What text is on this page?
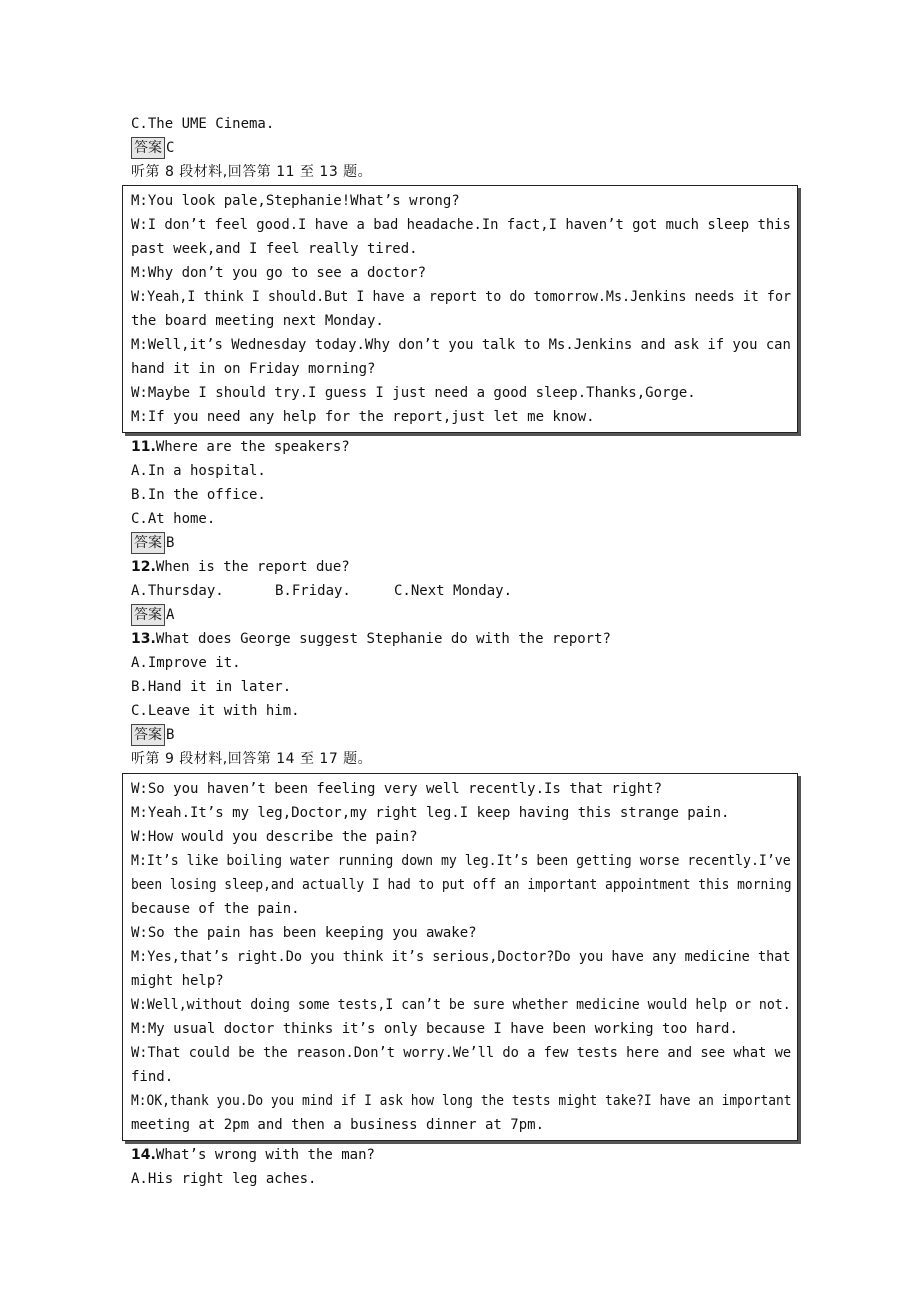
C.The UME Cinema.
答案 C
听第 8 段材料,回答第 11 至 13 题。
M:You look pale,Stephanie!What’s wrong?
W:I don’t feel good.I have a bad headache.In fact,I haven’t got much sleep this
past week,and I feel really tired.
M:Why don’t you go to see a doctor?
W:Yeah,I think I should.But I have a report to do tomorrow.Ms.Jenkins needs it for
the board meeting next Monday.
M:Well,it’s Wednesday today.Why don’t you talk to Ms.Jenkins and ask if you can
hand it in on Friday morning?
W:Maybe I should try.I guess I just need a good sleep.Thanks,Gorge.
M:If you need any help for the report,just let me know.
11.Where are the speakers?
A.In a hospital.
B.In the office.
C.At home.
答案 B
12.When is the report due?
A.Thursday.	B.Friday.	C.Next Monday.
答案 A
13.What does George suggest Stephanie do with the report?
A.Improve it.
B.Hand it in later.
C.Leave it with him.
答案 B
听第 9 段材料,回答第 14 至 17 题。
W:So you haven’t been feeling very well recently.Is that right?
M:Yeah.It’s my leg,Doctor,my right leg.I keep having this strange pain.
W:How would you describe the pain?
M:It’s like boiling water running down my leg.It’s been getting worse recently.I’ve
been losing sleep,and actually I had to put off an important appointment this morning
because of the pain.
W:So the pain has been keeping you awake?
M:Yes,that’s right.Do you think it’s serious,Doctor?Do you have any medicine that
might help?
W:Well,without doing some tests,I can’t be sure whether medicine would help or not.
M:My usual doctor thinks it’s only because I have been working too hard.
W:That could be the reason.Don’t worry.We’ll do a few tests here and see what we
find.
M:OK,thank you.Do you mind if I ask how long the tests might take?I have an important
meeting at 2pm and then a business dinner at 7pm.
14.What’s wrong with the man?
A.His right leg aches.
